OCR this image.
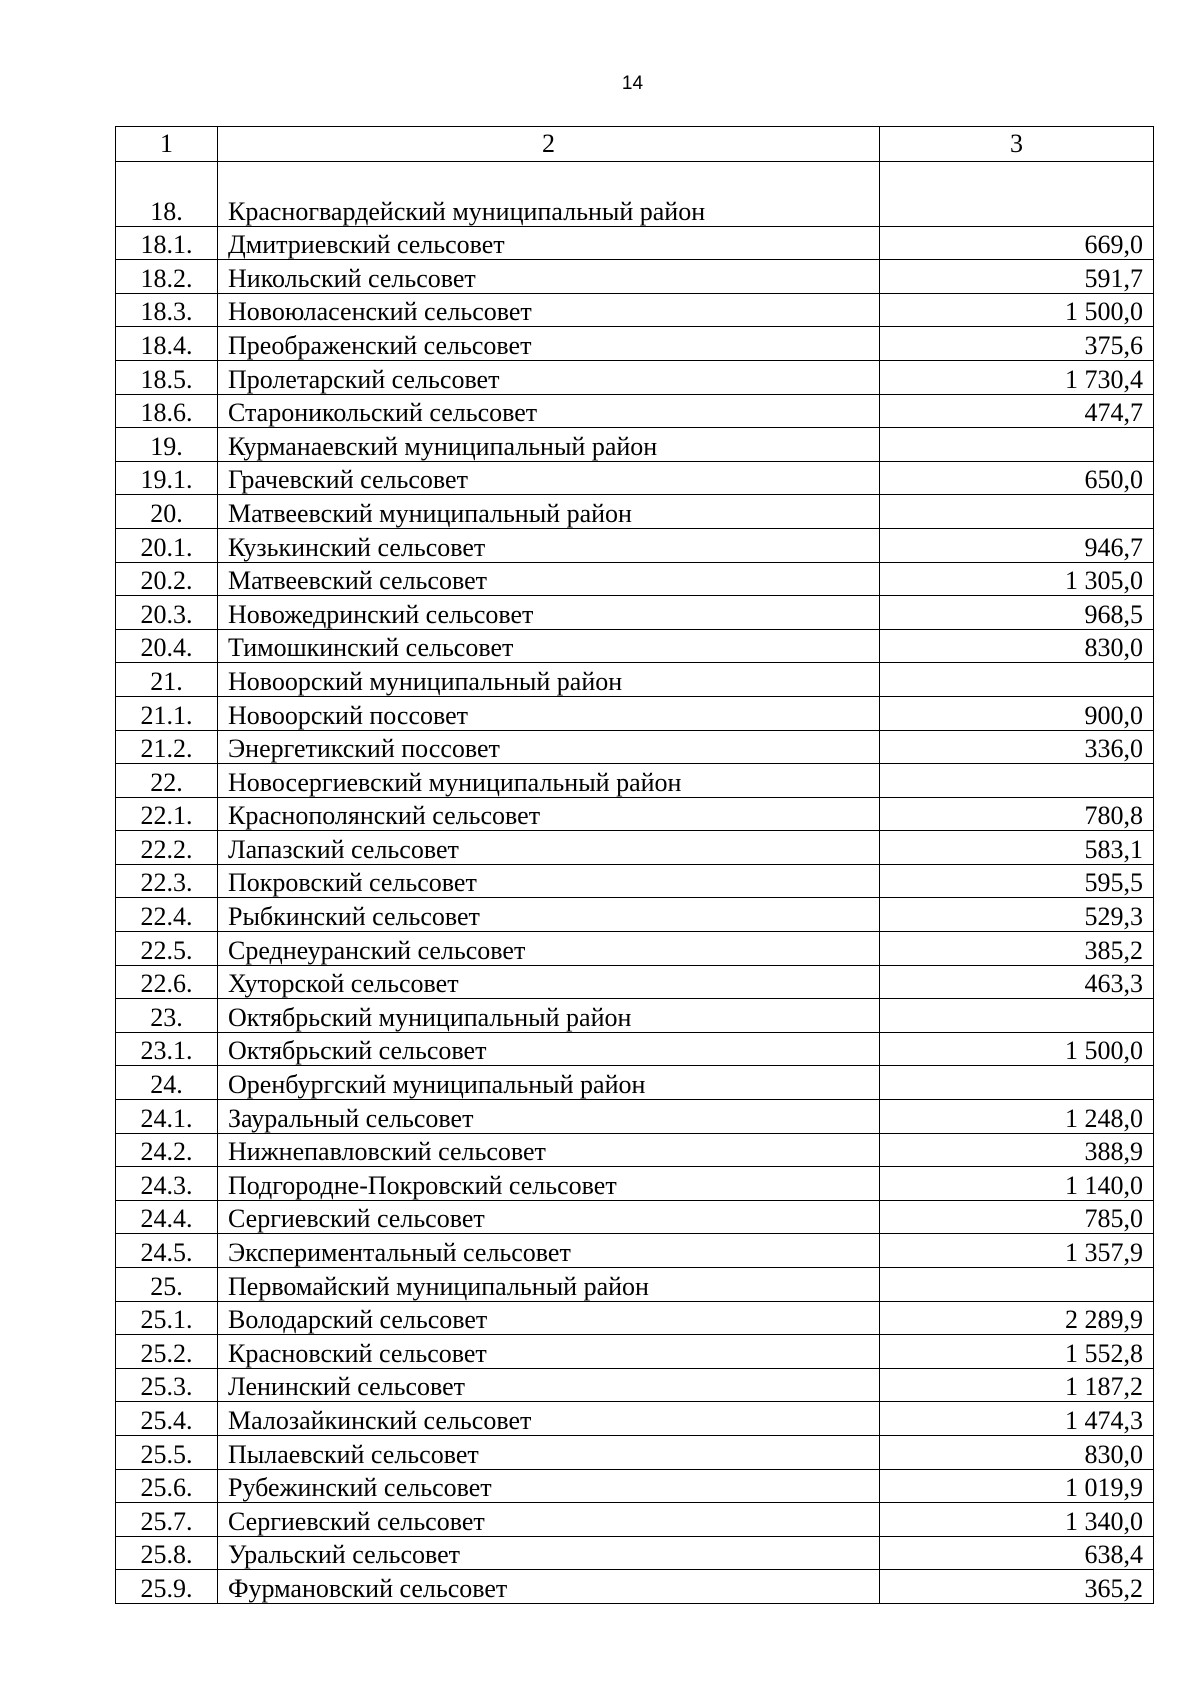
14
1	2	3

18.	Красногвардейский муниципальный район	
18.1.	Дмитриевский сельсовет	669,0
18.2.	Никольский сельсовет	591,7
18.3.	Новоюласенский сельсовет	1 500,0
18.4.	Преображенский сельсовет	375,6
18.5.	Пролетарский сельсовет	1 730,4
18.6.	Староникольский сельсовет	474,7
19.	Курманаевский муниципальный район	
19.1.	Грачевский сельсовет	650,0
20.	Матвеевский муниципальный район	
20.1.	Кузькинский сельсовет	946,7
20.2.	Матвеевский сельсовет	1 305,0
20.3.	Новожедринский сельсовет	968,5
20.4.	Тимошкинский сельсовет	830,0
21.	Новоорский муниципальный район	
21.1.	Новоорский поссовет	900,0
21.2.	Энергетикский поссовет	336,0
22.	Новосергиевский муниципальный район	
22.1.	Краснополянский сельсовет	780,8
22.2.	Лапазский сельсовет	583,1
22.3.	Покровский сельсовет	595,5
22.4.	Рыбкинский сельсовет	529,3
22.5.	Среднеуранский сельсовет	385,2
22.6.	Хуторской сельсовет	463,3
23.	Октябрьский муниципальный район	
23.1.	Октябрьский сельсовет	1 500,0
24.	Оренбургский муниципальный район	
24.1.	Зауральный сельсовет	1 248,0
24.2.	Нижнепавловский сельсовет	388,9
24.3.	Подгородне-Покровский сельсовет	1 140,0
24.4.	Сергиевский сельсовет	785,0
24.5.	Экспериментальный сельсовет	1 357,9
25.	Первомайский муниципальный район	
25.1.	Володарский сельсовет	2 289,9
25.2.	Красновский сельсовет	1 552,8
25.3.	Ленинский сельсовет	1 187,2
25.4.	Малозайкинский сельсовет	1 474,3
25.5.	Пылаевский сельсовет	830,0
25.6.	Рубежинский сельсовет	1 019,9
25.7.	Сергиевский сельсовет	1 340,0
25.8.	Уральский сельсовет	638,4
25.9.	Фурмановский сельсовет	365,2
